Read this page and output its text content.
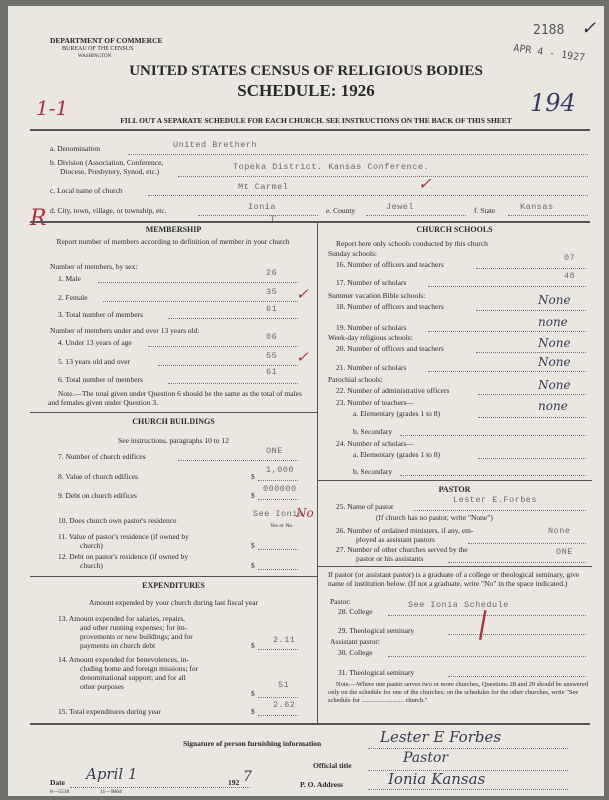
DEPARTMENT OF COMMERCE
BUREAU OF THE CENSUS
WASHINGTON
UNITED STATES CENSUS OF RELIGIOUS BODIES
SCHEDULE: 1926
FILL OUT A SEPARATE SCHEDULE FOR EACH CHURCH. SEE INSTRUCTIONS ON THE BACK OF THIS SHEET
2188 ✓
APR 4 - 1927
1-1	194
R	T
a. Denomination	United Bretherh
b. Division (Association, Conference,
Diocese, Presbytery, Synod, etc.)	Topeka District. Kansas Conference.
c. Local name of church	Mt Carmel	✓
d. City, town, village, or township, etc.	Ionia	e. County	Jewel	f. State	Kansas
MEMBERSHIP
Report number of members according to definition of member in your church
Number of members, by sex:
1. Male
26
2. Female
35 ✓
3. Total number of members
61
Number of members under and over 13 years old:
4. Under 13 years of age
06
5. 13 years old and over
55 ✓
6. Total number of members
61
Note.—The total given under Question 6 should be the same as the total of males and females given under Question 3.
CHURCH BUILDINGS
See instructions, paragraphs 10 to 12
7. Number of church edifices
ONE
8. Value of church edifices	$
1,000
9. Debt on church edifices	$
000000
10. Does church own pastor's residence
See Ionia
No
Yes or No
11. Value of pastor's residence (if owned by
church)	$
12. Debt on pastor's residence (if owned by
church)	$
EXPENDITURES
Amount expended by your church during last fiscal year
13. Amount expended for salaries, repairs,
and other running expenses; for im-
provements or new buildings; and for
payments on church debt	$
2.11
14. Amount expended for benevolences, in-
cluding home and foreign missions; for
denominational support; and for all
other purposes
$
51
15. Total expenditures during year	$
2.62
CHURCH SCHOOLS
Report here only schools conducted by this church
Sunday schools:
16. Number of officers and teachers
07
17. Number of scholars
48
Summer vacation Bible schools:
18. Number of officers and teachers	None
19. Number of scholars	none
Week-day religious schools:
20. Number of officers and teachers	None
21. Number of scholars	None
Parochial schools:
22. Number of administrative officers	None
23. Number of teachers—
a. Elementary (grades 1 to 8)
none
b. Secondary
24. Number of scholars—
a. Elementary (grades 1 to 8)
b. Secondary
PASTOR
25. Name of pastor
Lester E.Forbes
(If church has no pastor, write "None")
26. Number of ordained ministers, if any, em-
ployed as assistant pastors
None
27. Number of other churches served by the
pastor or his assistants
ONE
If pastor (or assistant pastor) is a graduate of a college or theological seminary, give name of institution below. (If not a graduate, write "No" in the space indicated.)
Pastor:
28. College
See Ionia Schedule
|
29. Theological seminary
Assistant pastor:
30. College
31. Theological seminary
Note.—Where one pastor serves two or more churches, Questions 28 and 29 should be answered only on the schedule for one of the churches; on the schedules for the other churches, write "See schedule for .......................... church."
Signature of person furnishing information	Lester E Forbes
Official title	Pastor
Date April 1	192 7	P. O. Address	Ionia Kansas
8—5518	11—9064
